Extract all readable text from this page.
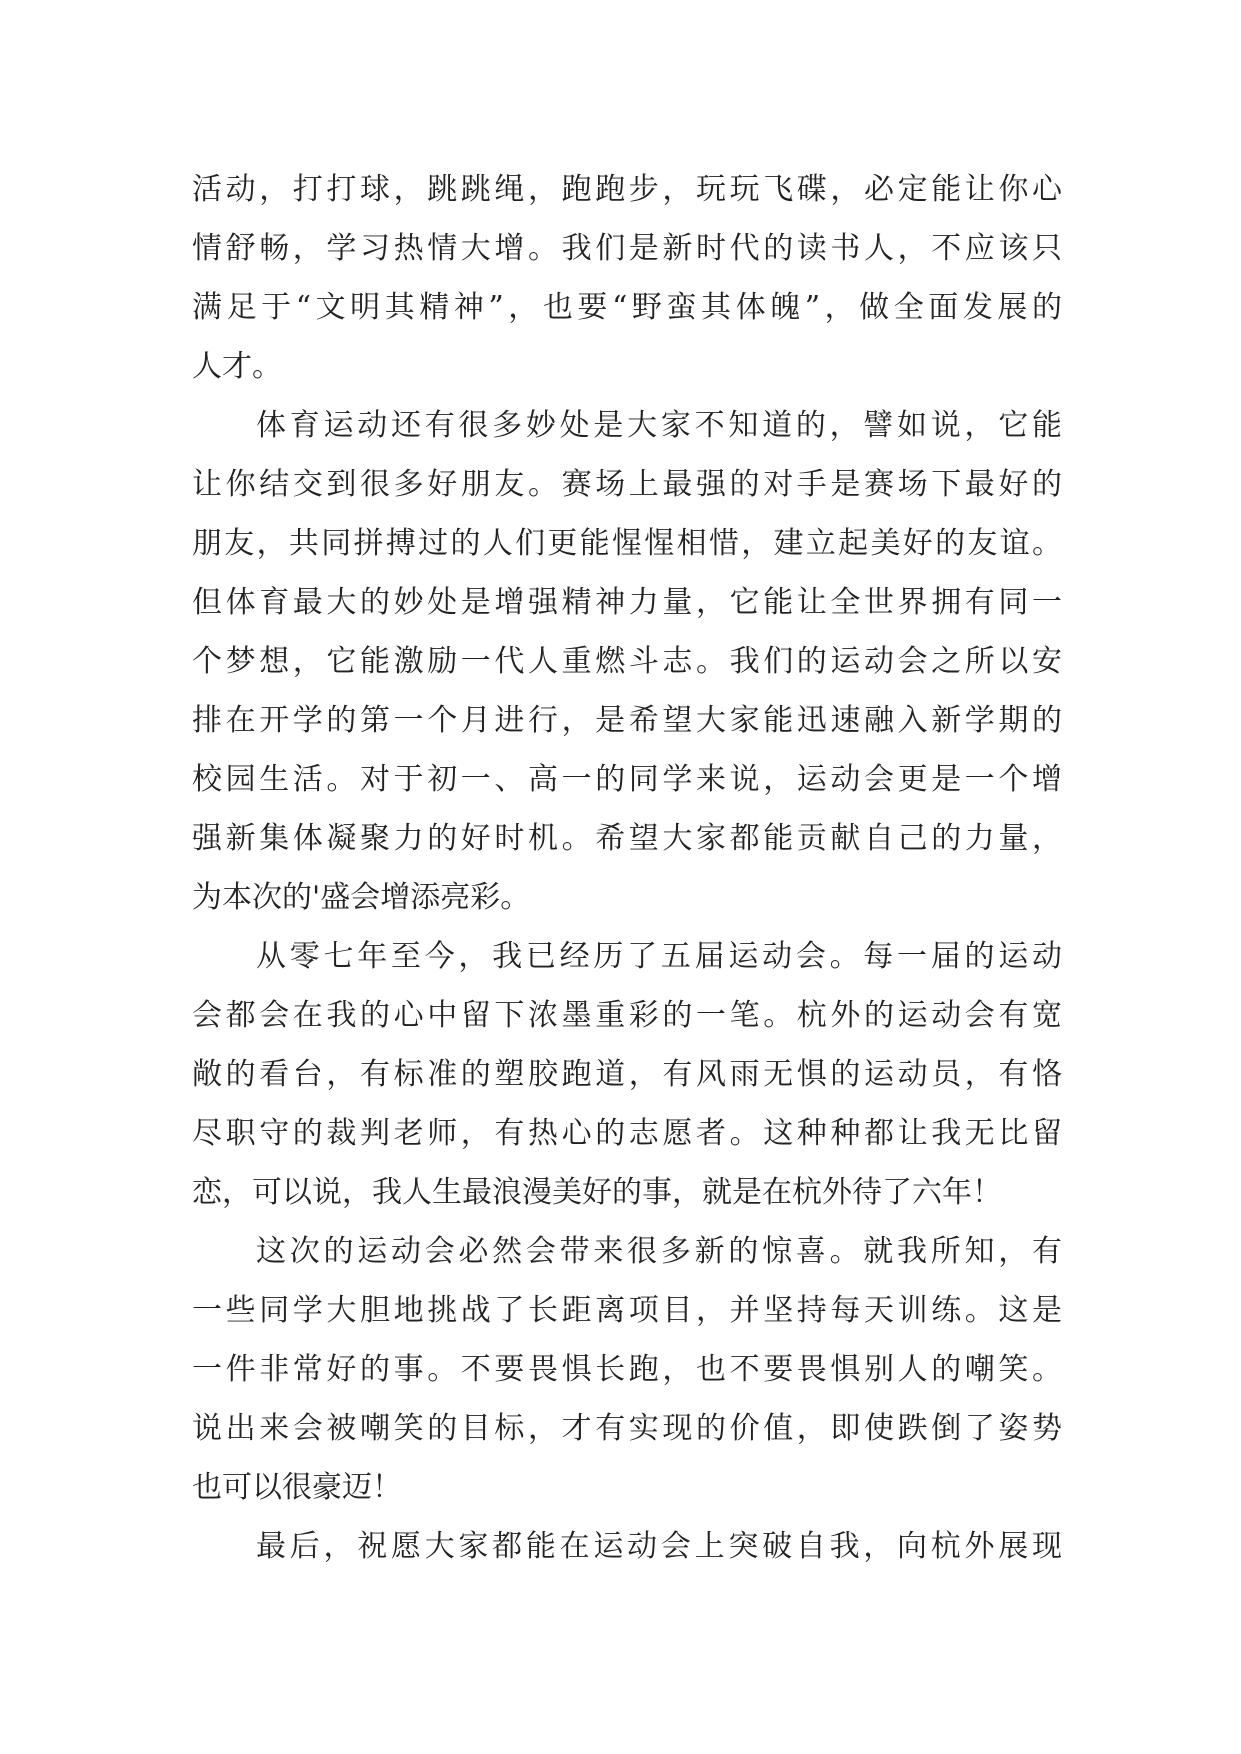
活动，打打球，跳跳绳，跑跑步，玩玩飞碟，必定能让你心
情舒畅，学习热情大增。我们是新时代的读书人，不应该只
满足于“文明其精神”，也要“野蛮其体魄”，做全面发展的
人才。
体育运动还有很多妙处是大家不知道的，譬如说，它能
让你结交到很多好朋友。赛场上最强的对手是赛场下最好的
朋友，共同拼搏过的人们更能惺惺相惜，建立起美好的友谊。
但体育最大的妙处是增强精神力量，它能让全世界拥有同一
个梦想，它能激励一代人重燃斗志。我们的运动会之所以安
排在开学的第一个月进行，是希望大家能迅速融入新学期的
校园生活。对于初一、高一的同学来说，运动会更是一个增
强新集体凝聚力的好时机。希望大家都能贡献自己的力量，
为本次的'盛会增添亮彩。
从零七年至今，我已经历了五届运动会。每一届的运动
会都会在我的心中留下浓墨重彩的一笔。杭外的运动会有宽
敞的看台，有标准的塑胶跑道，有风雨无惧的运动员，有恪
尽职守的裁判老师，有热心的志愿者。这种种都让我无比留
恋，可以说，我人生最浪漫美好的事，就是在杭外待了六年！
这次的运动会必然会带来很多新的惊喜。就我所知，有
一些同学大胆地挑战了长距离项目，并坚持每天训练。这是
一件非常好的事。不要畏惧长跑，也不要畏惧别人的嘲笑。
说出来会被嘲笑的目标，才有实现的价值，即使跌倒了姿势
也可以很豪迈！
最后，祝愿大家都能在运动会上突破自我，向杭外展现
